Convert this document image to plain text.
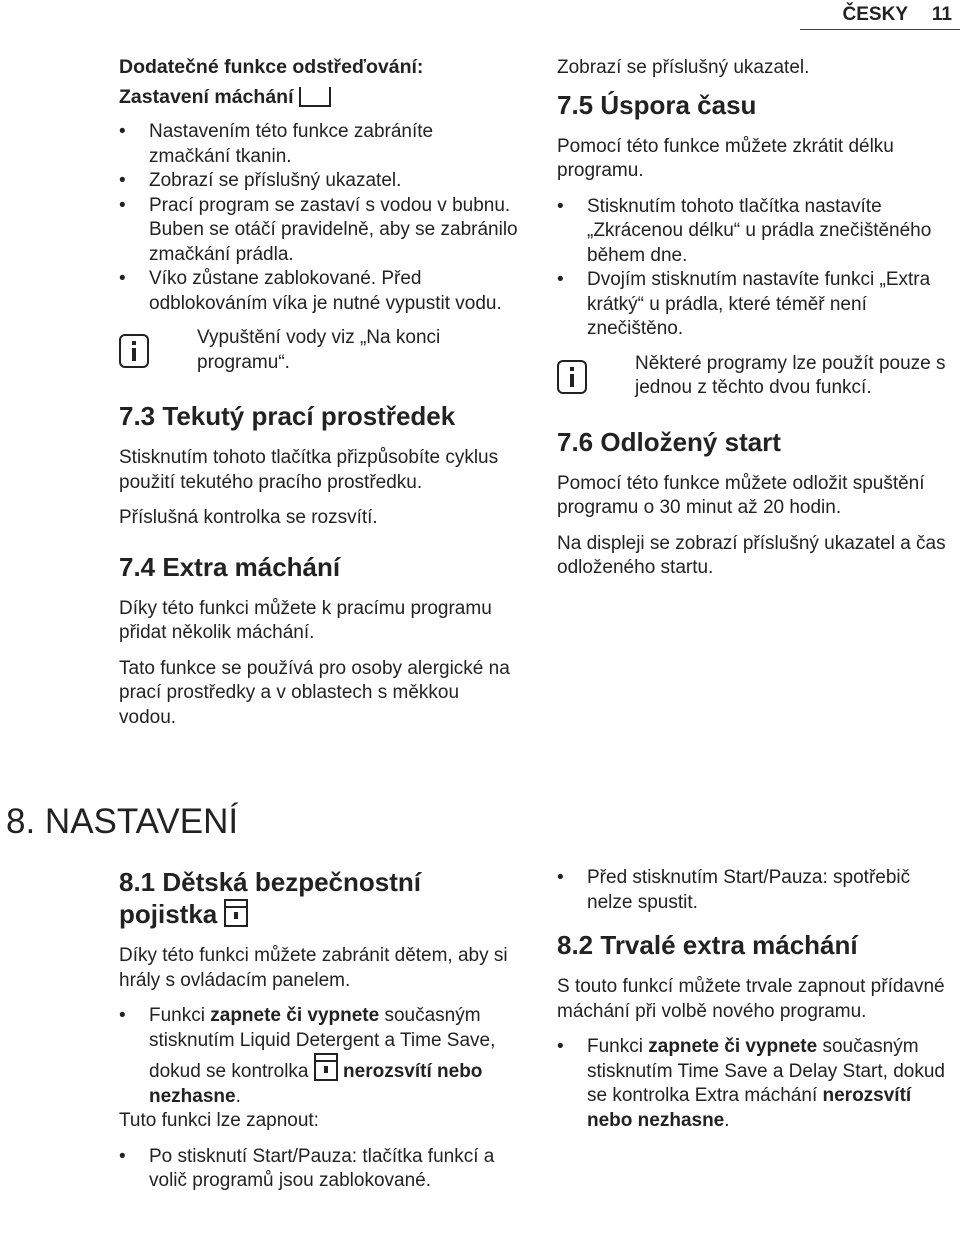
ČESKY 11
Dodatečné funkce odstřeďování:
Zastavení máchání
• Nastavením této funkce zabráníte zmačkání tkanin.
• Zobrazí se příslušný ukazatel.
• Prací program se zastaví s vodou v bubnu. Buben se otáčí pravidelně, aby se zabránilo zmačkání prádla.
• Víko zůstane zablokované. Před odblokováním víka je nutné vypustit vodu.
Vypuštění vody viz „Na konci programu“.
7.3 Tekutý prací prostředek

Stisknutím tohoto tlačítka přizpůsobíte cyklus použití tekutého pracího prostředku.

Příslušná kontrolka se rozsvítí.

7.4 Extra máchání

Díky této funkci můžete k pracímu programu přidat několik máchání.

Tato funkce se používá pro osoby alergické na prací prostředky a v oblastech s měkkou vodou.

8. NASTAVENÍ
8.1 Dětská bezpečnostní pojistka

Díky této funkci můžete zabránit dětem, aby si hrály s ovládacím panelem.

• Funkci zapnete či vypnete současným stisknutím Liquid Detergent a Time Save, dokud se kontrolka  nerozsvítí nebo nezhasne.

Tuto funkci lze zapnout:

• Po stisknutí Start/Pauza: tlačítka funkcí a volič programů jsou zablokované.

Zobrazí se příslušný ukazatel.

7.5 Úspora času

Pomocí této funkce můžete zkrátit délku programu.

• Stisknutím tohoto tlačítka nastavíte „Zkrácenou délku“ u prádla znečištěného během dne.
• Dvojím stisknutím nastavíte funkci „Extra krátký“ u prádla, které téměř není znečištěno.
Některé programy lze použít pouze s jednou z těchto dvou funkcí.
7.6 Odložený start

Pomocí této funkce můžete odložit spuštění programu o 30 minut až 20 hodin.

Na displeji se zobrazí příslušný ukazatel a čas odloženého startu.

• Před stisknutím Start/Pauza: spotřebič nelze spustit.
8.2 Trvalé extra máchání

S touto funkcí můžete trvale zapnout přídavné máchání při volbě nového programu.

• Funkci zapnete či vypnete současným stisknutím Time Save a Delay Start, dokud se kontrolka Extra máchání nerozsvítí nebo nezhasne.
